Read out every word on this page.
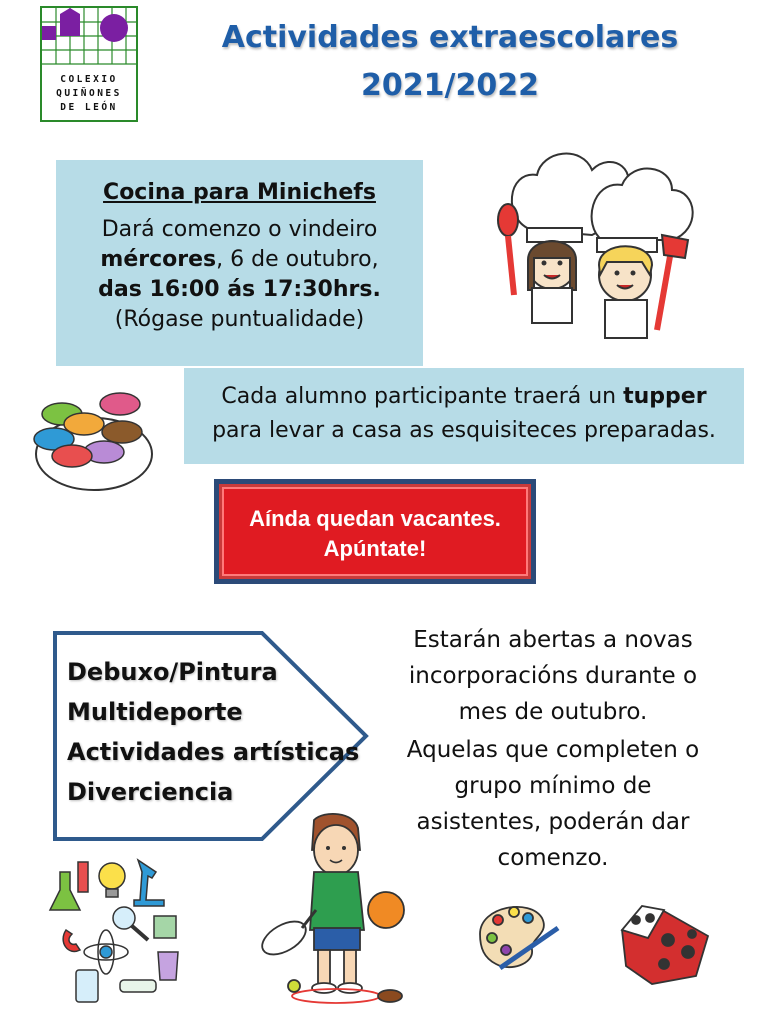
COLEXIO
QUIÑONES
DE LEÓN
Actividades extraescolares
2021/2022
Cocina para Minichefs
Dará comenzo o vindeiro
mércores, 6 de outubro,
das 16:00 ás 17:30hrs.
(Rógase puntualidade)
Cada alumno participante traerá un tupper
para levar a casa as esquisiteces preparadas.
Aínda quedan vacantes.
Apúntate!
Debuxo/Pintura
Multideporte
Actividades artísticas
Diverciencia
Estarán abertas a novas
incorporacións durante o
mes de outubro.
Aquelas que completen o
grupo mínimo de
asistentes, poderán dar
comenzo.
